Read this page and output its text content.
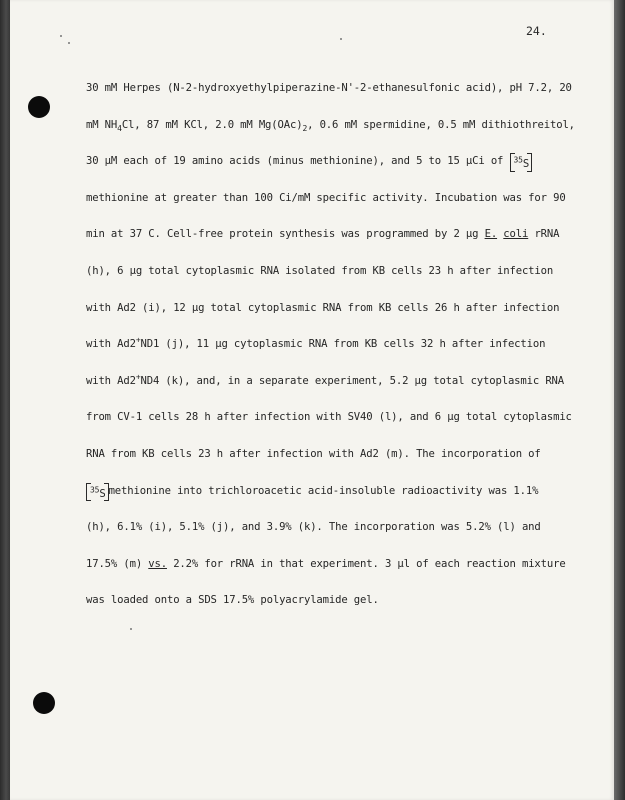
24.
30 mM Herpes (N-2-hydroxyethylpiperazine-N'-2-ethanesulfonic acid), pH 7.2, 20
mM $NH_4Cl$, 87 mM KCl, 2.0 mM $Mg(OAc)_2$, 0.6 mM spermidine, 0.5 mM dithiothreitol,
30 μM each of 19 amino acids (minus methionine), and 5 to 15 μCi of $^{35}$S
methionine at greater than 100 Ci/mM specific activity. Incubation was for 90
min at 37 C. Cell-free protein synthesis was programmed by 2 μg E. coli rRNA
(h), 6 μg total cytoplasmic RNA isolated from KB cells 23 h after infection
with Ad2 (i), 12 μg total cytoplasmic RNA from KB cells 26 h after infection
with Ad2+ND1 (j), 11 μg cytoplasmic RNA from KB cells 32 h after infection
with Ad2+ND4 (k), and, in a separate experiment, 5.2 μg total cytoplasmic RNA
from CV-1 cells 28 h after infection with SV40 (l), and 6 μg total cytoplasmic
RNA from KB cells 23 h after infection with Ad2 (m). The incorporation of
$^{35}$S methionine into trichloroacetic acid-insoluble radioactivity was 1.1%
(h), 6.1% (i), 5.1% (j), and 3.9% (k). The incorporation was 5.2% (l) and
17.5% (m) vs. 2.2% for rRNA in that experiment. 3 μl of each reaction mixture
was loaded onto a SDS 17.5% polyacrylamide gel.
